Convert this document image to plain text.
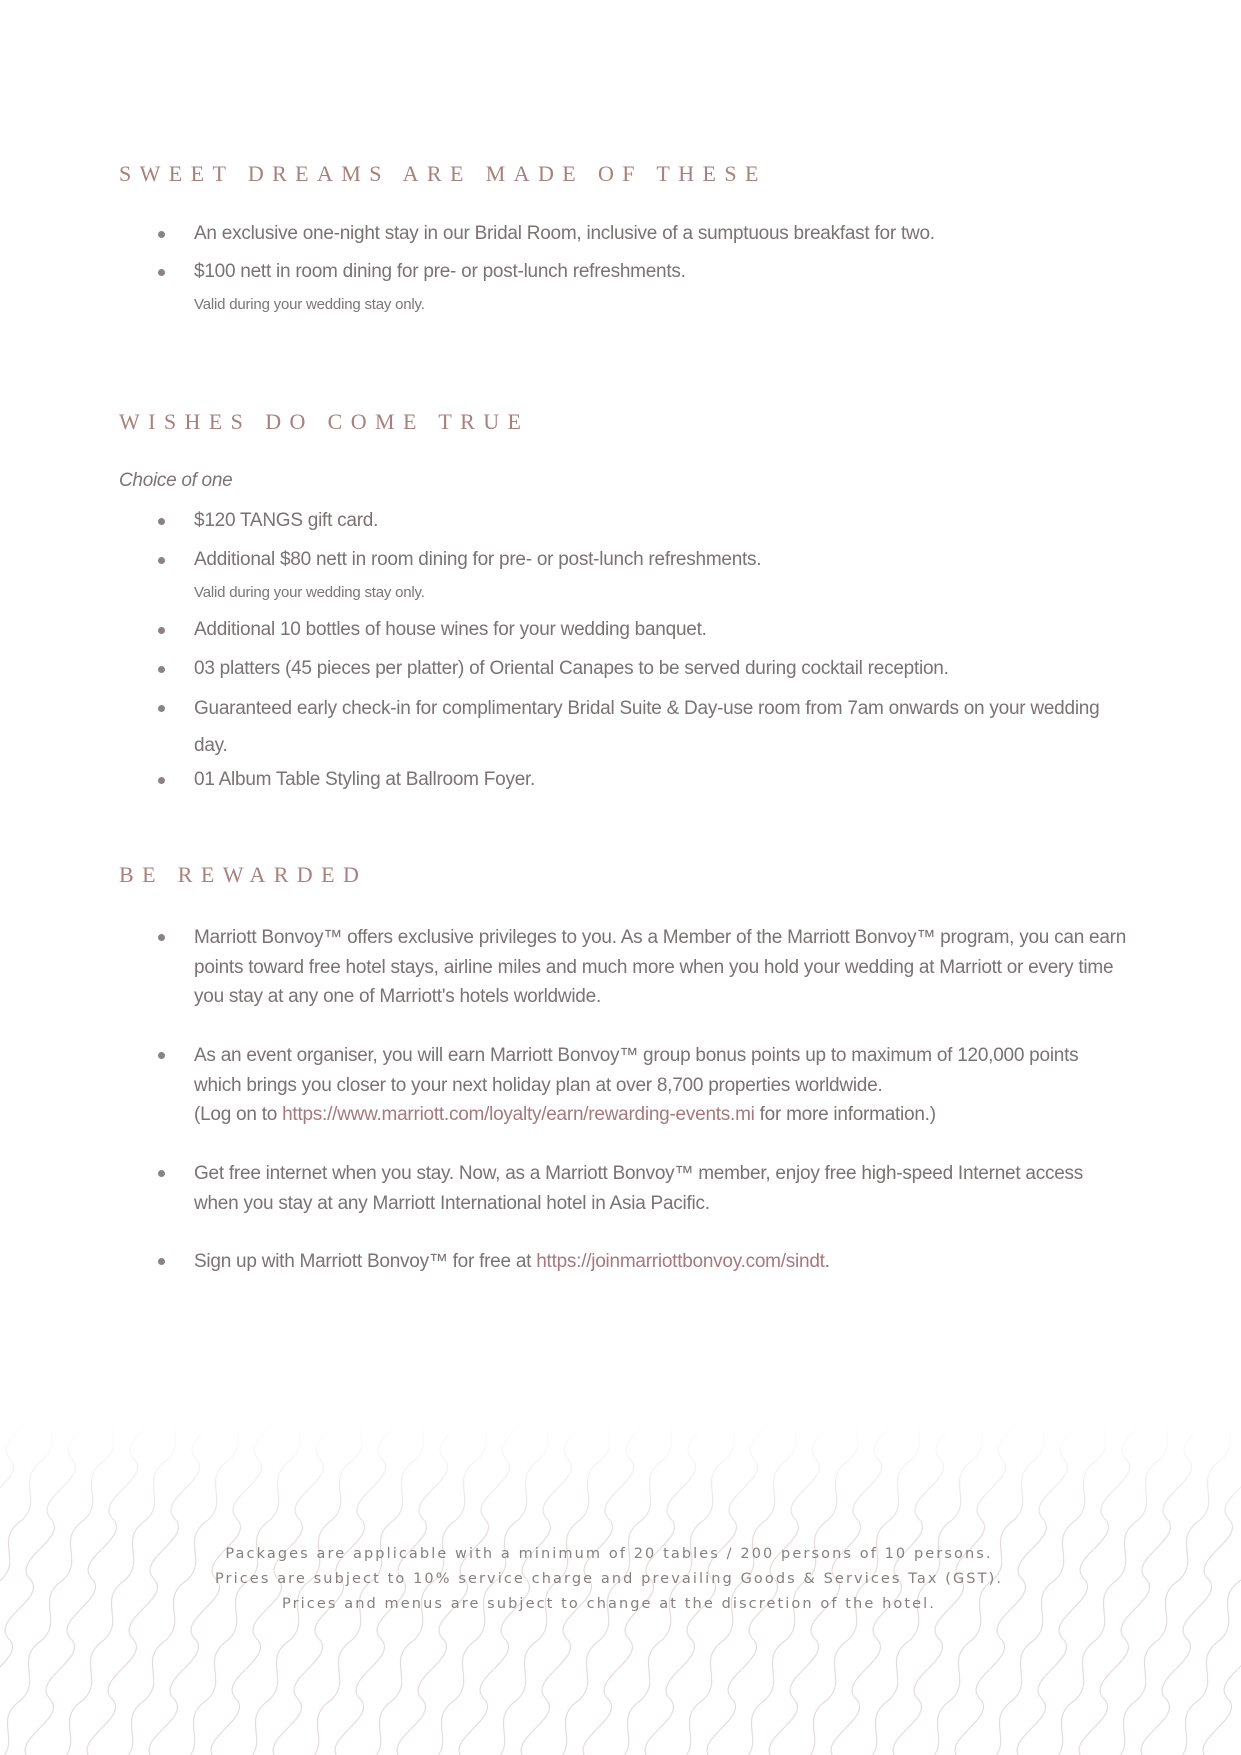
SWEET DREAMS ARE MADE OF THESE
An exclusive one-night stay in our Bridal Room, inclusive of a sumptuous breakfast for two.
$100 nett in room dining for pre- or post-lunch refreshments.
Valid during your wedding stay only.
WISHES DO COME TRUE

Choice of one

$120 TANGS gift card.
Additional $80 nett in room dining for pre- or post-lunch refreshments.
Valid during your wedding stay only.
Additional 10 bottles of house wines for your wedding banquet.
03 platters (45 pieces per platter) of Oriental Canapes to be served during cocktail reception.
Guaranteed early check-in for complimentary Bridal Suite & Day-use room from 7am onwards on your wedding day.
01 Album Table Styling at Ballroom Foyer.
BE REWARDED
Marriott Bonvoy™ offers exclusive privileges to you. As a Member of the Marriott Bonvoy™ program, you can earn points toward free hotel stays, airline miles and much more when you hold your wedding at Marriott or every time you stay at any one of Marriott's hotels worldwide.
As an event organiser, you will earn Marriott Bonvoy™ group bonus points up to maximum of 120,000 points which brings you closer to your next holiday plan at over 8,700 properties worldwide.
(Log on to https://www.marriott.com/loyalty/earn/rewarding-events.mi for more information.)
Get free internet when you stay. Now, as a Marriott Bonvoy™ member, enjoy free high-speed Internet access when you stay at any Marriott International hotel in Asia Pacific.
Sign up with Marriott Bonvoy™ for free at https://joinmarriottbonvoy.com/sindt.
Packages are applicable with a minimum of 20 tables / 200 persons of 10 persons.
Prices are subject to 10% service charge and prevailing Goods & Services Tax (GST).
Prices and menus are subject to change at the discretion of the hotel.
